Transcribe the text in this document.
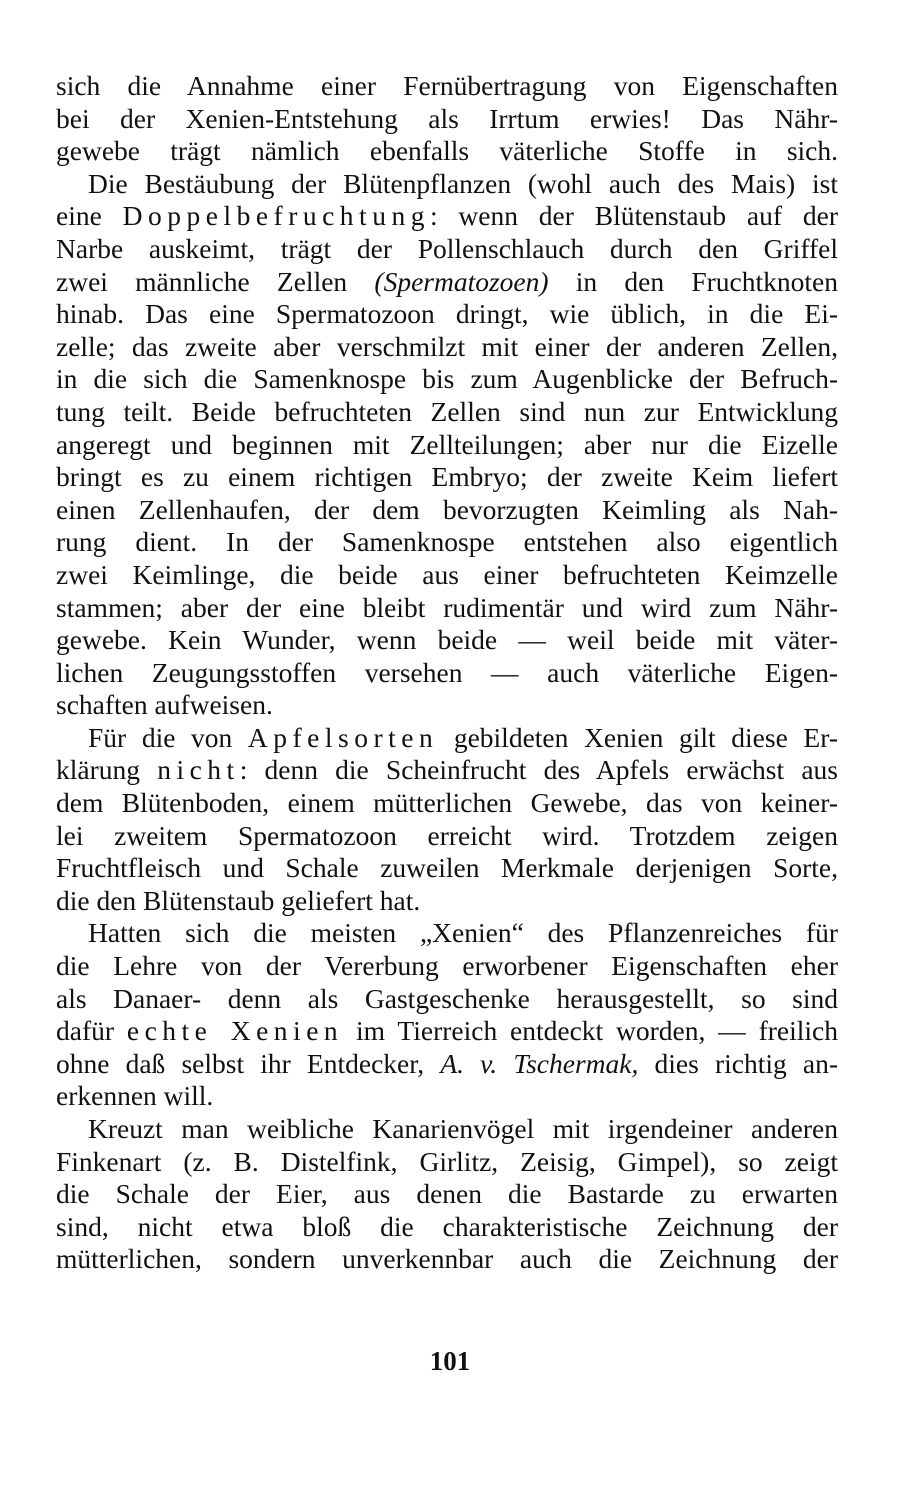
sich die Annahme einer Fernübertragung von Eigenschaften
bei der Xenien-Entstehung als Irrtum erwies! Das Nähr-
gewebe trägt nämlich ebenfalls väterliche Stoffe in sich.
Die Bestäubung der Blütenpflanzen (wohl auch des Mais) ist
eine Doppelbefruchtung: wenn der Blütenstaub auf der
Narbe auskeimt, trägt der Pollenschlauch durch den Griffel
zwei männliche Zellen (Spermatozoen) in den Fruchtknoten
hinab. Das eine Spermatozoon dringt, wie üblich, in die Ei-
zelle; das zweite aber verschmilzt mit einer der anderen Zellen,
in die sich die Samenknospe bis zum Augenblicke der Befruch-
tung teilt. Beide befruchteten Zellen sind nun zur Entwicklung
angeregt und beginnen mit Zellteilungen; aber nur die Eizelle
bringt es zu einem richtigen Embryo; der zweite Keim liefert
einen Zellenhaufen, der dem bevorzugten Keimling als Nah-
rung dient. In der Samenknospe entstehen also eigentlich
zwei Keimlinge, die beide aus einer befruchteten Keimzelle
stammen; aber der eine bleibt rudimentär und wird zum Nähr-
gewebe. Kein Wunder, wenn beide — weil beide mit väter-
lichen Zeugungsstoffen versehen — auch väterliche Eigen-
schaften aufweisen.
Für die von Apfelsorten gebildeten Xenien gilt diese Er-
klärung nicht: denn die Scheinfrucht des Apfels erwächst aus
dem Blütenboden, einem mütterlichen Gewebe, das von keiner-
lei zweitem Spermatozoon erreicht wird. Trotzdem zeigen
Fruchtfleisch und Schale zuweilen Merkmale derjenigen Sorte,
die den Blütenstaub geliefert hat.
Hatten sich die meisten „Xenien“ des Pflanzenreiches für
die Lehre von der Vererbung erworbener Eigenschaften eher
als Danaer- denn als Gastgeschenke herausgestellt, so sind
dafür echte Xenien im Tierreich entdeckt worden, — freilich
ohne daß selbst ihr Entdecker, A. v. Tschermak, dies richtig an-
erkennen will.
Kreuzt man weibliche Kanarienvögel mit irgendeiner anderen
Finkenart (z. B. Distelfink, Girlitz, Zeisig, Gimpel), so zeigt
die Schale der Eier, aus denen die Bastarde zu erwarten
sind, nicht etwa bloß die charakteristische Zeichnung der
mütterlichen, sondern unverkennbar auch die Zeichnung der
101
